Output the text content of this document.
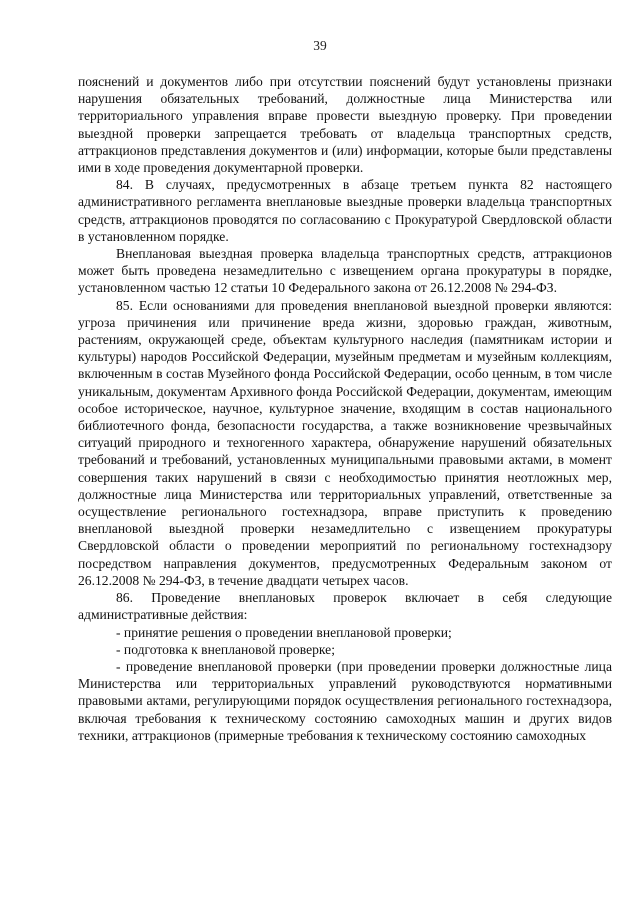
39

пояснений и документов либо при отсутствии пояснений будут установлены признаки нарушения обязательных требований, должностные лица Министерства или территориального управления вправе провести выездную проверку. При проведении выездной проверки запрещается требовать от владельца транспортных средств, аттракционов представления документов и (или) информации, которые были представлены ими в ходе проведения документарной проверки.

84. В случаях, предусмотренных в абзаце третьем пункта 82 настоящего административного регламента внеплановые выездные проверки владельца транспортных средств, аттракционов проводятся по согласованию с Прокуратурой Свердловской области в установленном порядке.

Внеплановая выездная проверка владельца транспортных средств, аттракционов может быть проведена незамедлительно с извещением органа прокуратуры в порядке, установленном частью 12 статьи 10 Федерального закона от 26.12.2008 № 294-ФЗ.

85. Если основаниями для проведения внеплановой выездной проверки являются: угроза причинения или причинение вреда жизни, здоровью граждан, животным, растениям, окружающей среде, объектам культурного наследия (памятникам истории и культуры) народов Российской Федерации, музейным предметам и музейным коллекциям, включенным в состав Музейного фонда Российской Федерации, особо ценным, в том числе уникальным, документам Архивного фонда Российской Федерации, документам, имеющим особое историческое, научное, культурное значение, входящим в состав национального библиотечного фонда, безопасности государства, а также возникновение чрезвычайных ситуаций природного и техногенного характера, обнаружение нарушений обязательных требований и требований, установленных муниципальными правовыми актами, в момент совершения таких нарушений в связи с необходимостью принятия неотложных мер, должностные лица Министерства или территориальных управлений, ответственные за осуществление регионального гостехнадзора, вправе приступить к проведению внеплановой выездной проверки незамедлительно с извещением прокуратуры Свердловской области о проведении мероприятий по региональному гостехнадзору посредством направления документов, предусмотренных Федеральным законом от 26.12.2008 № 294-ФЗ, в течение двадцати четырех часов.

86. Проведение внеплановых проверок включает в себя следующие административные действия:

- принятие решения о проведении внеплановой проверки;

- подготовка к внеплановой проверке;

- проведение внеплановой проверки (при проведении проверки должностные лица Министерства или территориальных управлений руководствуются нормативными правовыми актами, регулирующими порядок осуществления регионального гостехнадзора, включая требования к техническому состоянию самоходных машин и других видов техники, аттракционов (примерные требования к техническому состоянию самоходных
